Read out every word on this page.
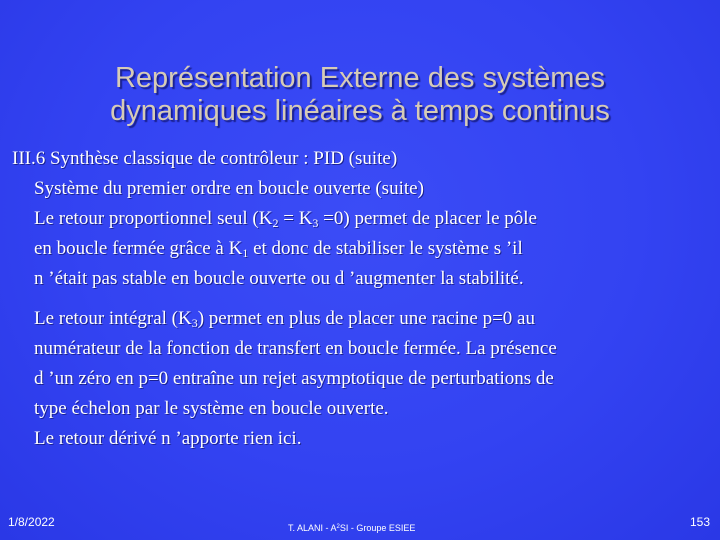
Représentation Externe des systèmes
dynamiques linéaires à temps continus
III.6 Synthèse classique de contrôleur : PID (suite)
Système du premier ordre en boucle ouverte (suite)
Le retour proportionnel seul $(K_2 = K_3 =0)$ permet de placer le pôle
en boucle fermée grâce à $K_1$ et donc de stabiliser le système s ’il
n ’était pas stable en boucle ouverte ou d ’augmenter la stabilité.
Le retour intégral $(K_3)$ permet en plus de placer une racine p=0 au
numérateur de la fonction de transfert en boucle fermée. La présence
d ’un zéro en p=0 entraîne un rejet asymptotique de perturbations de
type échelon par le système en boucle ouverte.
Le retour dérivé n ’apporte rien ici.
1/8/2022	T. ALANI - $A^2SI$ - Groupe ESIEE	153
